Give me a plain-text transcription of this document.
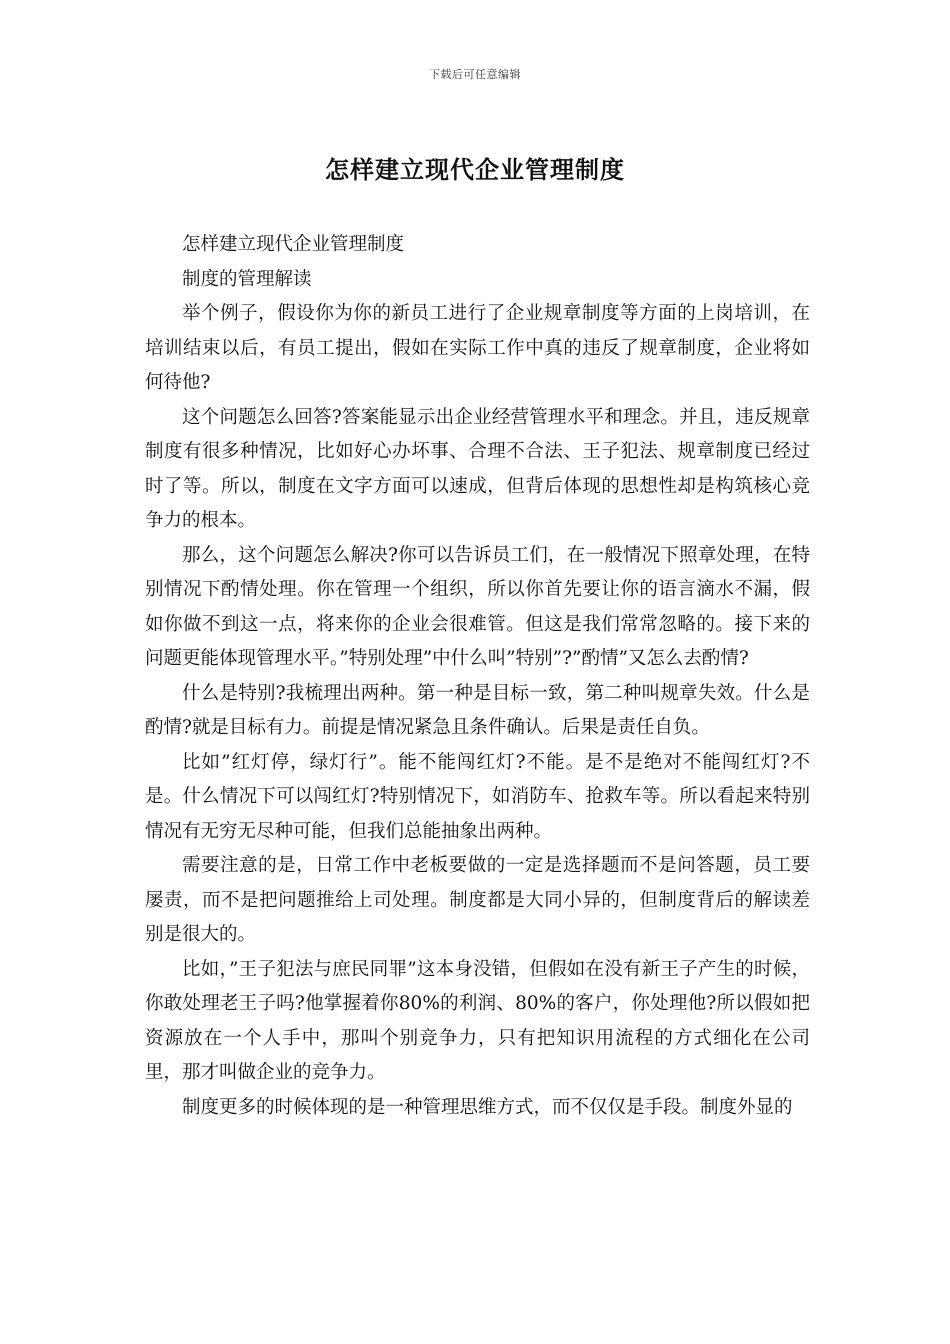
下载后可任意编辑
怎样建立现代企业管理制度

怎样建立现代企业管理制度

制度的管理解读

举个例子，假设你为你的新员工进行了企业规章制度等方面的上岗培训，在培训结束以后，有员工提出，假如在实际工作中真的违反了规章制度，企业将如何待他?

这个问题怎么回答?答案能显示出企业经营管理水平和理念。并且，违反规章制度有很多种情况，比如好心办坏事、合理不合法、王子犯法、规章制度已经过时了等。所以，制度在文字方面可以速成，但背后体现的思想性却是构筑核心竞争力的根本。

那么，这个问题怎么解决?你可以告诉员工们，在一般情况下照章处理，在特别情况下酌情处理。你在管理一个组织，所以你首先要让你的语言滴水不漏，假如你做不到这一点，将来你的企业会很难管。但这是我们常常忽略的。接下来的问题更能体现管理水平。”特别处理”中什么叫”特别”?”酌情”又怎么去酌情?

什么是特别?我梳理出两种。第一种是目标一致，第二种叫规章失效。什么是酌情?就是目标有力。前提是情况紧急且条件确认。后果是责任自负。

比如”红灯停，绿灯行”。能不能闯红灯?不能。是不是绝对不能闯红灯?不是。什么情况下可以闯红灯?特别情况下，如消防车、抢救车等。所以看起来特别情况有无穷无尽种可能，但我们总能抽象出两种。

需要注意的是，日常工作中老板要做的一定是选择题而不是问答题，员工要屡责，而不是把问题推给上司处理。制度都是大同小异的，但制度背后的解读差别是很大的。

比如，”王子犯法与庶民同罪”这本身没错，但假如在没有新王子产生的时候，你敢处理老王子吗?他掌握着你80%的利润、80%的客户，你处理他?所以假如把资源放在一个人手中，那叫个别竞争力，只有把知识用流程的方式细化在公司里，那才叫做企业的竞争力。

制度更多的时候体现的是一种管理思维方式，而不仅仅是手段。制度外显的
